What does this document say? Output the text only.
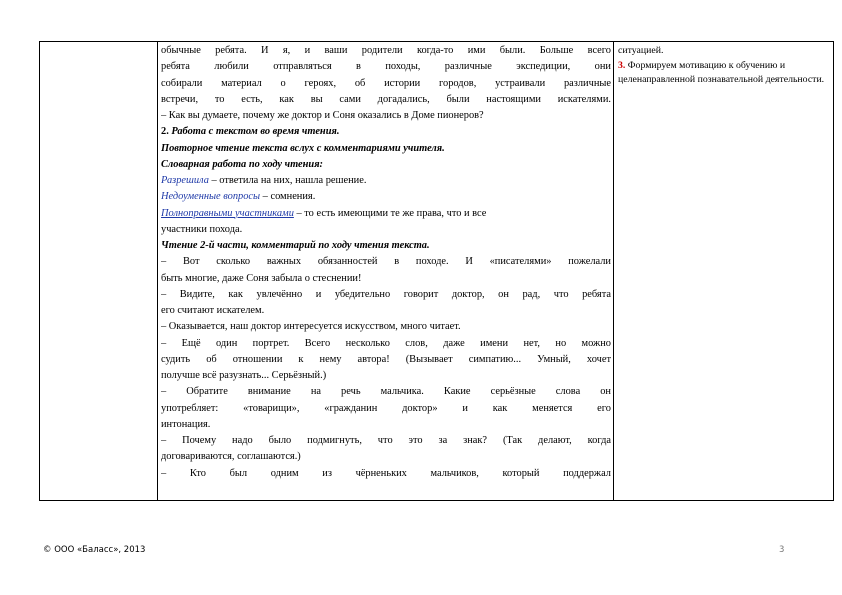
обычные ребята. И я, и ваши родители когда-то ими были. Больше всего
ребята любили отправляться в походы, различные экспедиции, они
собирали материал о героях, об истории городов, устраивали различные
встречи, то есть, как вы сами догадались, были настоящими искателями.
– Как вы думаете, почему же доктор и Соня оказались в Доме пионеров?
2. Работа с текстом во время чтения.
Повторное чтение текста вслух с комментариями учителя.
Словарная работа по ходу чтения:
Разрешила – ответила на них, нашла решение.
Недоуменные вопросы – сомнения.
Полноправными участниками – то есть имеющими те же права, что и все
участники похода.
Чтение 2-й части, комментарий по ходу чтения текста.
– Вот сколько важных обязанностей в походе. И «писателями» пожелали
быть многие, даже Соня забыла о стеснении!
– Видите, как увлечённо и убедительно говорит доктор, он рад, что ребята
его считают искателем.
– Оказывается, наш доктор интересуется искусством, много читает.
– Ещё один портрет. Всего несколько слов, даже имени нет, но можно
судить об отношении к нему автора! (Вызывает симпатию... Умный, хочет
получше всё разузнать... Серьёзный.)
– Обратите внимание на речь мальчика. Какие серьёзные слова он
употребляет: «товарищи», «гражданин доктор» и как меняется его
интонация.
– Почему надо было подмигнуть, что это за знак? (Так делают, когда
договариваются, соглашаются.)
– Кто был одним из чёрненьких мальчиков, который поддержал
ситуацией.
3. Формируем мотивацию к обучению и целенаправленной познавательной деятельности.
© ООО «Баласс», 2013	3
